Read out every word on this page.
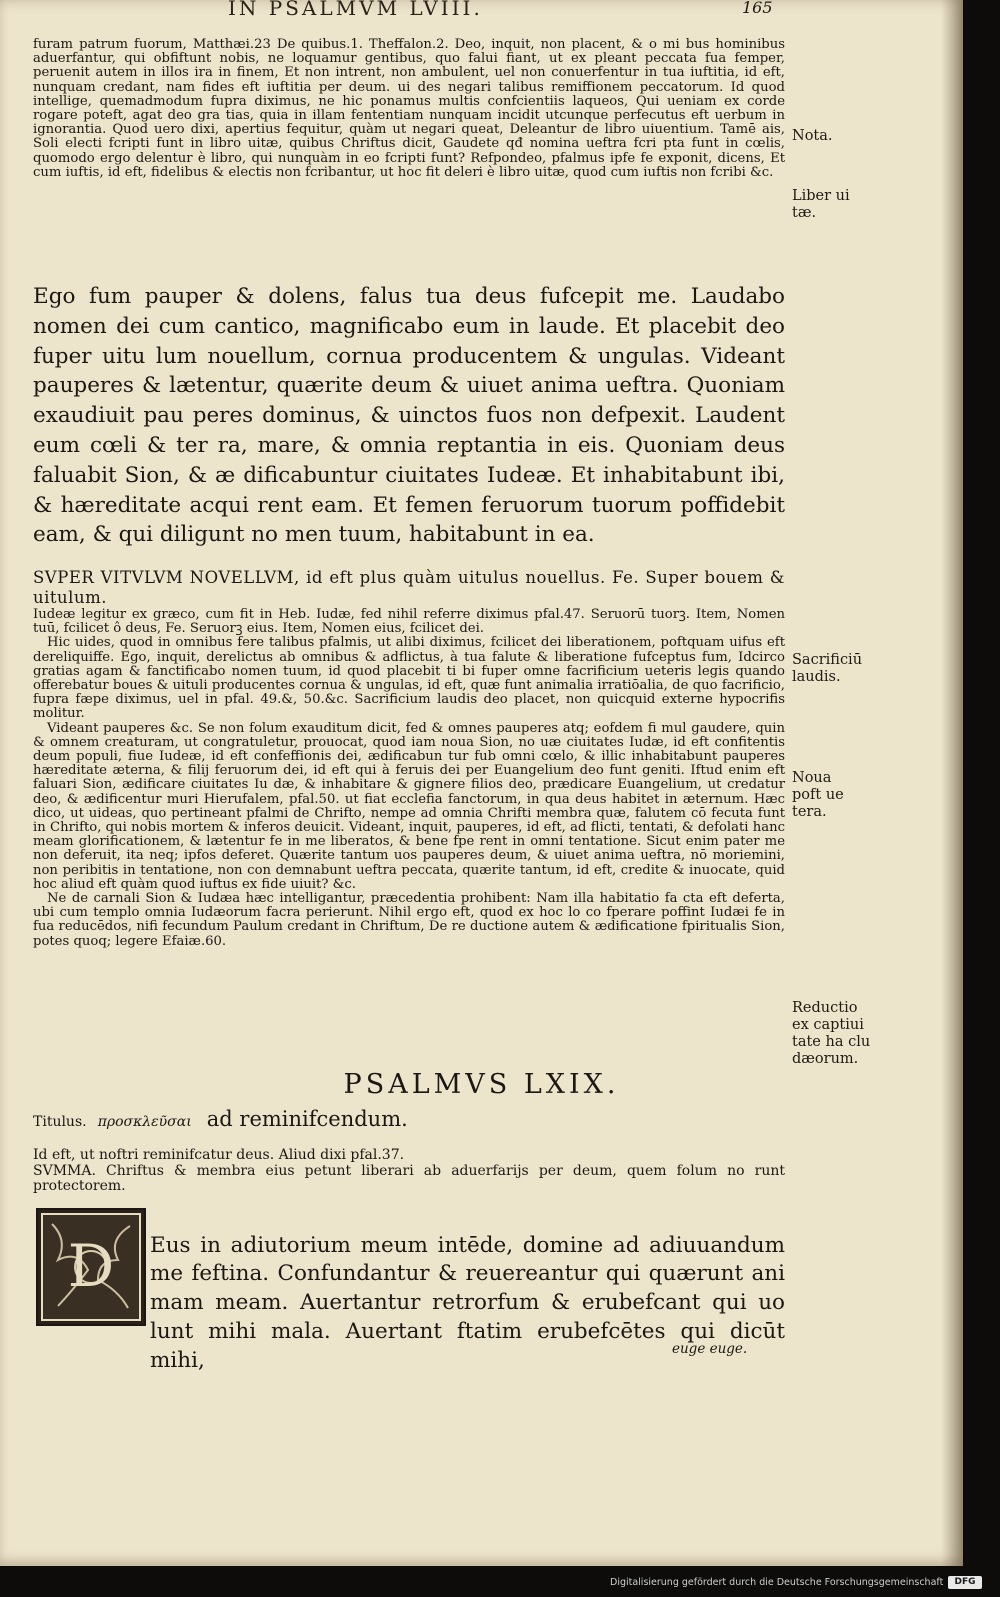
IN PSALMVM LVIII.	165

furam patrum fuorum, Matthæi.23 De quibus.1. Theffalon.2. Deo, inquit, non placent, & o mi bus hominibus aduerfantur, qui obfiftunt nobis, ne loquamur gentibus, quo falui fiant, ut ex pleant peccata fua femper, peruenit autem in illos ira in finem, Et non intrent, non ambulent, uel non conuerfentur in tua iuftitia, id eft, nunquam credant, nam fides eft iuftitia per deum. ui des negari talibus remiffionem peccatorum. Id quod intellige, quemadmodum fupra diximus, ne hic ponamus multis confcientiis laqueos, Qui ueniam ex corde rogare poteft, agat deo gra tias, quia in illam fententiam nunquam incidit utcunque perfecutus eft uerbum in ignorantia. Quod uero dixi, apertius fequitur, quàm ut negari queat, Deleantur de libro uiuentium. Tamē ais, Soli electi fcripti funt in libro uitæ, quibus Chriftus dicit, Gaudete qđ nomina ueftra fcri pta funt in cœlis, quomodo ergo delentur è libro, qui nunquàm in eo fcripti funt? Refpondeo, pfalmus ipfe fe exponit, dicens, Et cum iuftis, id eft, fidelibus & electis non fcribantur, ut hoc fit deleri è libro uitæ, quod cum iuftis non fcribi &c.

Ego fum pauper & dolens, falus tua deus fufcepit me. Laudabo nomen dei cum cantico, magnificabo eum in laude. Et placebit deo fuper uitu lum nouellum, cornua producentem & ungulas. Videant pauperes & lætentur, quærite deum & uiuet anima ueftra. Quoniam exaudiuit pau peres dominus, & uinctos fuos non defpexit. Laudent eum cœli & ter ra, mare, & omnia reptantia in eis. Quoniam deus faluabit Sion, & æ dificabuntur ciuitates Iudeæ. Et inhabitabunt ibi, & hæreditate acqui rent eam. Et femen feruorum tuorum poffidebit eam, & qui diligunt no men tuum, habitabunt in ea.

SVPER VITVLVM NOVELLVM, id eft plus quàm uitulus nouellus. Fe. Super bouem & uitulum.

Iudeæ legitur ex græco, cum fit in Heb. Iudæ, fed nihil referre diximus pfal.47. Seruorū tuorꝫ. Item, Nomen tuū, fcilicet ô deus, Fe. Seruorꝫ eius. Item, Nomen eius, fcilicet dei.

Hic uides, quod in omnibus fere talibus pfalmis, ut alibi diximus, fcilicet dei liberationem, poftquam uifus eft dereliquiffe. Ego, inquit, derelictus ab omnibus & adflictus, à tua falute & liberatione fufceptus fum, Idcirco gratias agam & fanctificabo nomen tuum, id quod placebit ti bi fuper omne facrificium ueteris legis quando offerebatur boues & uituli producentes cornua & ungulas, id eft, quæ funt animalia irratiōalia, de quo facrificio, fupra fæpe diximus, uel in pfal. 49.&, 50.&c. Sacrificium laudis deo placet, non quicquid externe hypocrifis molitur.

Videant pauperes &c. Se non folum exauditum dicit, fed & omnes pauperes atq; eofdem fi mul gaudere, quin & omnem creaturam, ut congratuletur, prouocat, quod iam noua Sion, no uæ ciuitates Iudæ, id eft confitentis deum populi, fiue Iudeæ, id eft confeffionis dei, ædificabun tur fub omni cœlo, & illic inhabitabunt pauperes hæreditate æterna, & filij feruorum dei, id eft qui à feruis dei per Euangelium deo funt geniti. Iftud enim eft faluari Sion, ædificare ciuitates Iu dæ, & inhabitare & gignere filios deo, prædicare Euangelium, ut credatur deo, & ædificentur muri Hierufalem, pfal.50. ut fiat ecclefia fanctorum, in qua deus habitet in æternum. Hæc dico, ut uideas, quo pertineant pfalmi de Chrifto, nempe ad omnia Chrifti membra quæ, falutem cō fecuta funt in Chrifto, qui nobis mortem & inferos deuicit. Videant, inquit, pauperes, id eft, ad flicti, tentati, & defolati hanc meam glorificationem, & lætentur fe in me liberatos, & bene fpe rent in omni tentatione. Sicut enim pater me non deferuit, ita neq; ipfos deferet. Quærite tantum uos pauperes deum, & uiuet anima ueftra, nō moriemini, non peribitis in tentatione, non con demnabunt ueftra peccata, quærite tantum, id eft, credite & inuocate, quid hoc aliud eft quàm quod iuftus ex fide uiuit? &c.

Ne de carnali Sion & Iudæa hæc intelligantur, præcedentia prohibent: Nam illa habitatio fa cta eft deferta, ubi cum templo omnia Iudæorum facra perierunt. Nihil ergo eft, quod ex hoc lo co fperare poffint Iudæi fe in fua reducēdos, nifi fecundum Paulum credant in Chriftum, De re ductione autem & ædificatione fpiritualis Sion, potes quoq; legere Efaiæ.60.

PSALMVS LXIX.
Titulus. προσκλεῦσαι ad reminifcendum.

Id eft, ut noftri reminifcatur deus. Aliud dixi pfal.37.

SVMMA. Chriftus & membra eius petunt liberari ab aduerfarijs per deum, quem folum no runt protectorem.

D Eus in adiutorium meum intēde, domine ad adiuuandum me feftina. Confundantur & reuereantur qui quærunt ani mam meam. Auertantur retrorfum & erubefcant qui uo lunt mihi mala. Auertant ftatim erubefcētes qui dicūt mihi,	euge euge.
Nota.
Liber ui
tæ.
Sacrificiū
laudis.
Noua
poft ue
tera.
Reductio
ex captiui
tate ha clu
dæorum.
Digitalisierung gefördert durch die Deutsche Forschungsgemeinschaft	DFG
